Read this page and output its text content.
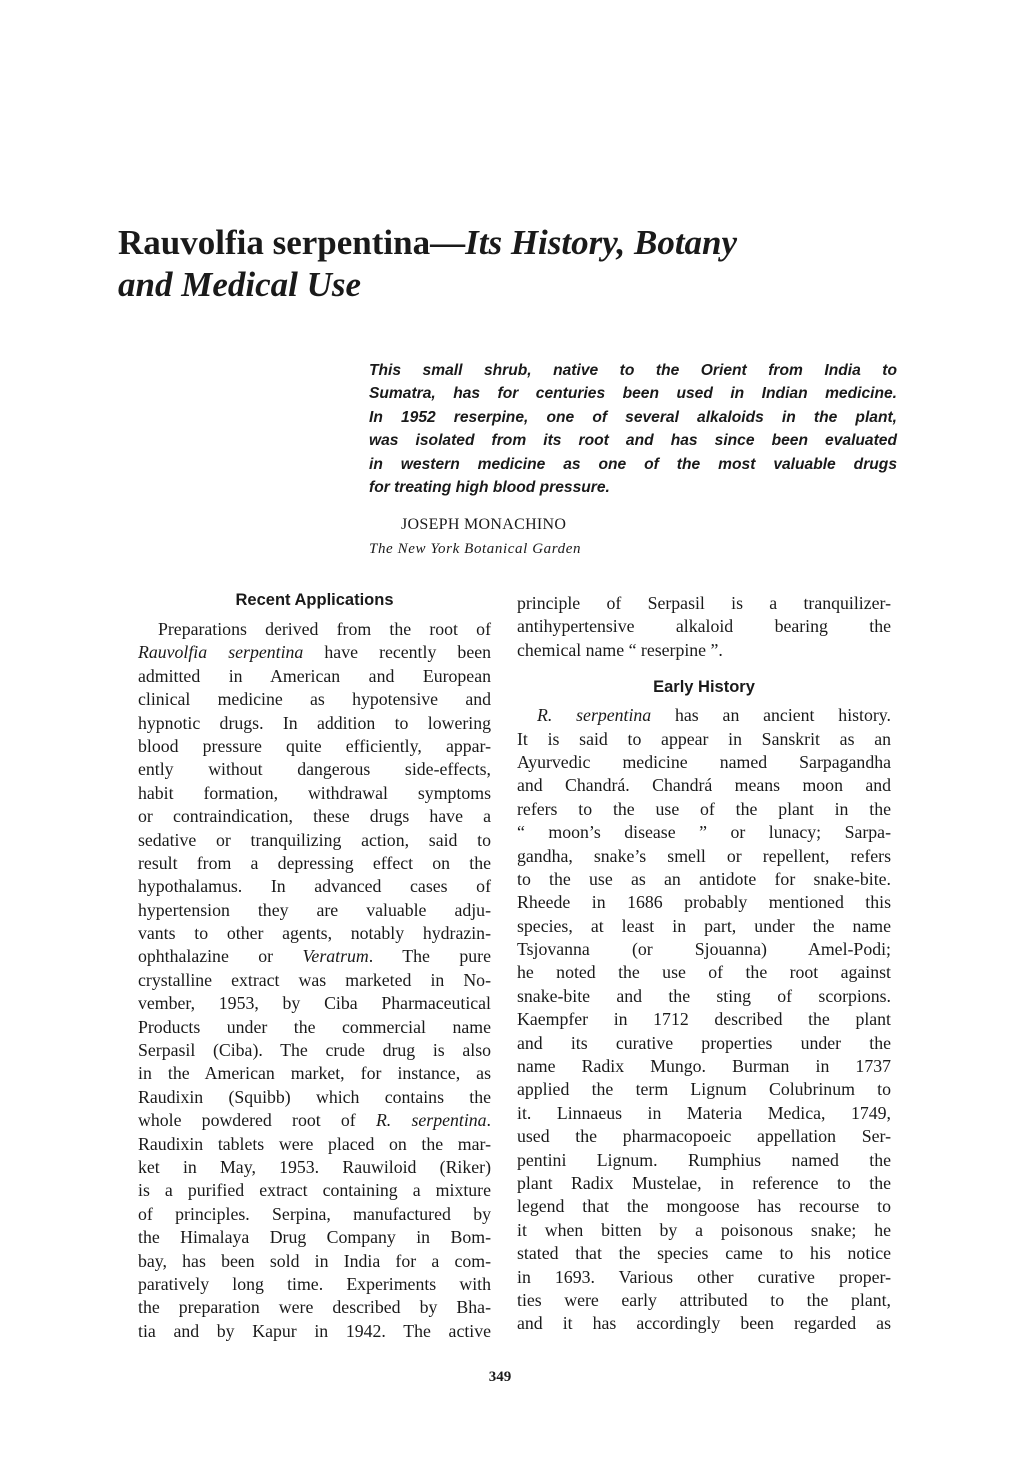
Rauvolfia serpentina—Its History, Botany
and Medical Use
This small shrub, native to the Orient from India to
Sumatra, has for centuries been used in Indian medicine.
In 1952 reserpine, one of several alkaloids in the plant,
was isolated from its root and has since been evaluated
in western medicine as one of the most valuable drugs
for treating high blood pressure.
JOSEPH MONACHINO
The New York Botanical Garden
Recent Applications
Preparations derived from the root of
Rauvolfia serpentina have recently been
admitted in American and European
clinical medicine as hypotensive and
hypnotic drugs. In addition to lowering
blood pressure quite efficiently, appar-
ently without dangerous side-effects,
habit formation, withdrawal symptoms
or contraindication, these drugs have a
sedative or tranquilizing action, said to
result from a depressing effect on the
hypothalamus. In advanced cases of
hypertension they are valuable adju-
vants to other agents, notably hydrazin-
ophthalazine or Veratrum. The pure
crystalline extract was marketed in No-
vember, 1953, by Ciba Pharmaceutical
Products under the commercial name
Serpasil (Ciba). The crude drug is also
in the American market, for instance, as
Raudixin (Squibb) which contains the
whole powdered root of R. serpentina.
Raudixin tablets were placed on the mar-
ket in May, 1953. Rauwiloid (Riker)
is a purified extract containing a mixture
of principles. Serpina, manufactured by
the Himalaya Drug Company in Bom-
bay, has been sold in India for a com-
paratively long time. Experiments with
the preparation were described by Bha-
tia and by Kapur in 1942. The active
principle of Serpasil is a tranquilizer-
antihypertensive alkaloid bearing the
chemical name “ reserpine ”.
Early History
R. serpentina has an ancient history.
It is said to appear in Sanskrit as an
Ayurvedic medicine named Sarpagandha
and Chandrá. Chandrá means moon and
refers to the use of the plant in the
“ moon’s disease ” or lunacy; Sarpa-
gandha, snake’s smell or repellent, refers
to the use as an antidote for snake-bite.
Rheede in 1686 probably mentioned this
species, at least in part, under the name
Tsjovanna (or Sjouanna) Amel-Podi;
he noted the use of the root against
snake-bite and the sting of scorpions.
Kaempfer in 1712 described the plant
and its curative properties under the
name Radix Mungo. Burman in 1737
applied the term Lignum Colubrinum to
it. Linnaeus in Materia Medica, 1749,
used the pharmacopoeic appellation Ser-
pentini Lignum. Rumphius named the
plant Radix Mustelae, in reference to the
legend that the mongoose has recourse to
it when bitten by a poisonous snake; he
stated that the species came to his notice
in 1693. Various other curative proper-
ties were early attributed to the plant,
and it has accordingly been regarded as
349
